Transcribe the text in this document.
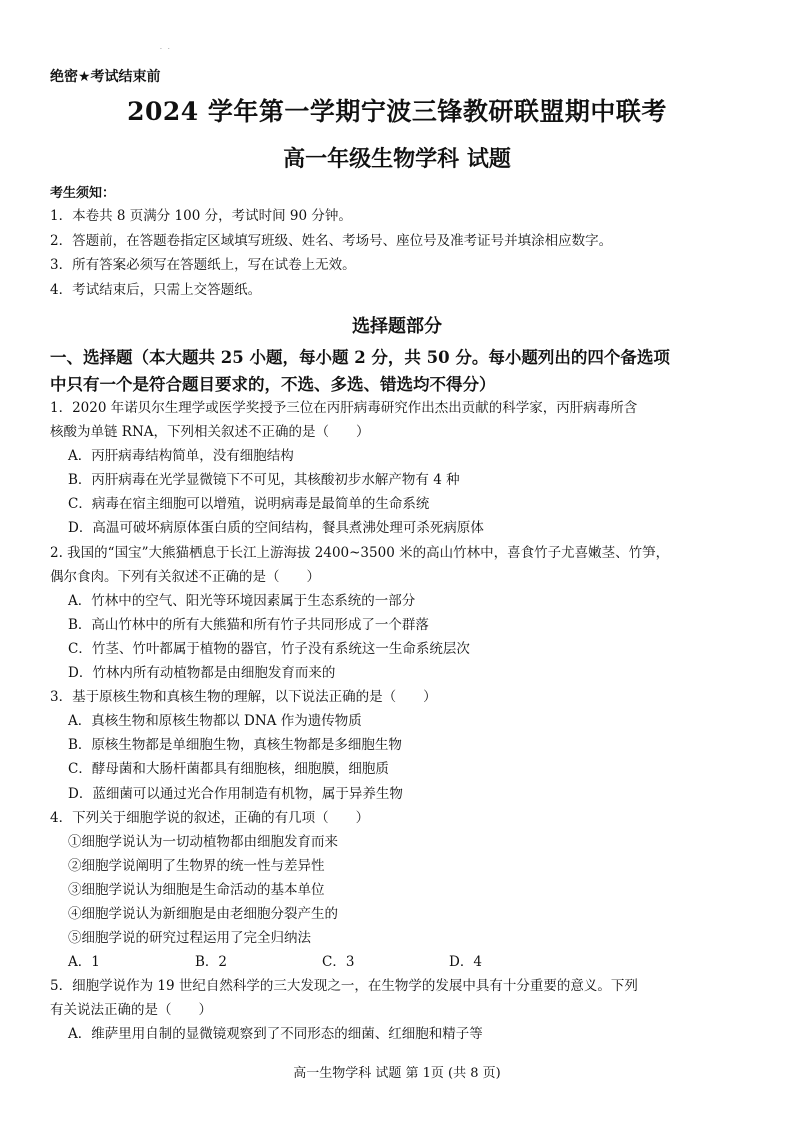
· ·
绝密★考试结束前
2024 学年第一学期宁波三锋教研联盟期中联考
高一年级生物学科 试题
考生须知：
1．本卷共 8 页满分 100 分，考试时间 90 分钟。
2．答题前，在答题卷指定区域填写班级、姓名、考场号、座位号及准考证号并填涂相应数字。
3．所有答案必须写在答题纸上，写在试卷上无效。
4．考试结束后，只需上交答题纸。
选择题部分
一、选择题（本大题共 25 小题，每小题 2 分，共 50 分。每小题列出的四个备选项
中只有一个是符合题目要求的，不选、多选、错选均不得分）
1．2020 年诺贝尔生理学或医学奖授予三位在丙肝病毒研究作出杰出贡献的科学家，丙肝病毒所含
核酸为单链 RNA，下列相关叙述不正确的是（　　）
A．丙肝病毒结构简单，没有细胞结构
B．丙肝病毒在光学显微镜下不可见，其核酸初步水解产物有 4 种
C．病毒在宿主细胞可以增殖，说明病毒是最简单的生命系统
D．高温可破坏病原体蛋白质的空间结构，餐具煮沸处理可杀死病原体
2. 我国的“国宝”大熊猫栖息于长江上游海拔 2400~3500 米的高山竹林中，喜食竹子尤喜嫩茎、竹笋，
偶尔食肉。下列有关叙述不正确的是（　　）
A．竹林中的空气、阳光等环境因素属于生态系统的一部分
B．高山竹林中的所有大熊猫和所有竹子共同形成了一个群落
C．竹茎、竹叶都属于植物的器官，竹子没有系统这一生命系统层次
D．竹林内所有动植物都是由细胞发育而来的
3．基于原核生物和真核生物的理解，以下说法正确的是（　　）
A．真核生物和原核生物都以 DNA 作为遗传物质
B．原核生物都是单细胞生物，真核生物都是多细胞生物
C．酵母菌和大肠杆菌都具有细胞核，细胞膜，细胞质
D．蓝细菌可以通过光合作用制造有机物，属于异养生物
4．下列关于细胞学说的叙述，正确的有几项（　　）
①细胞学说认为一切动植物都由细胞发育而来
②细胞学说阐明了生物界的统一性与差异性
③细胞学说认为细胞是生命活动的基本单位
④细胞学说认为新细胞是由老细胞分裂产生的
⑤细胞学说的研究过程运用了完全归纳法
A．1	B．2	C．3	D．4
5．细胞学说作为 19 世纪自然科学的三大发现之一，在生物学的发展中具有十分重要的意义。下列
有关说法正确的是（　　）
A．维萨里用自制的显微镜观察到了不同形态的细菌、红细胞和精子等
高一生物学科 试题 第 1页 (共 8 页)
